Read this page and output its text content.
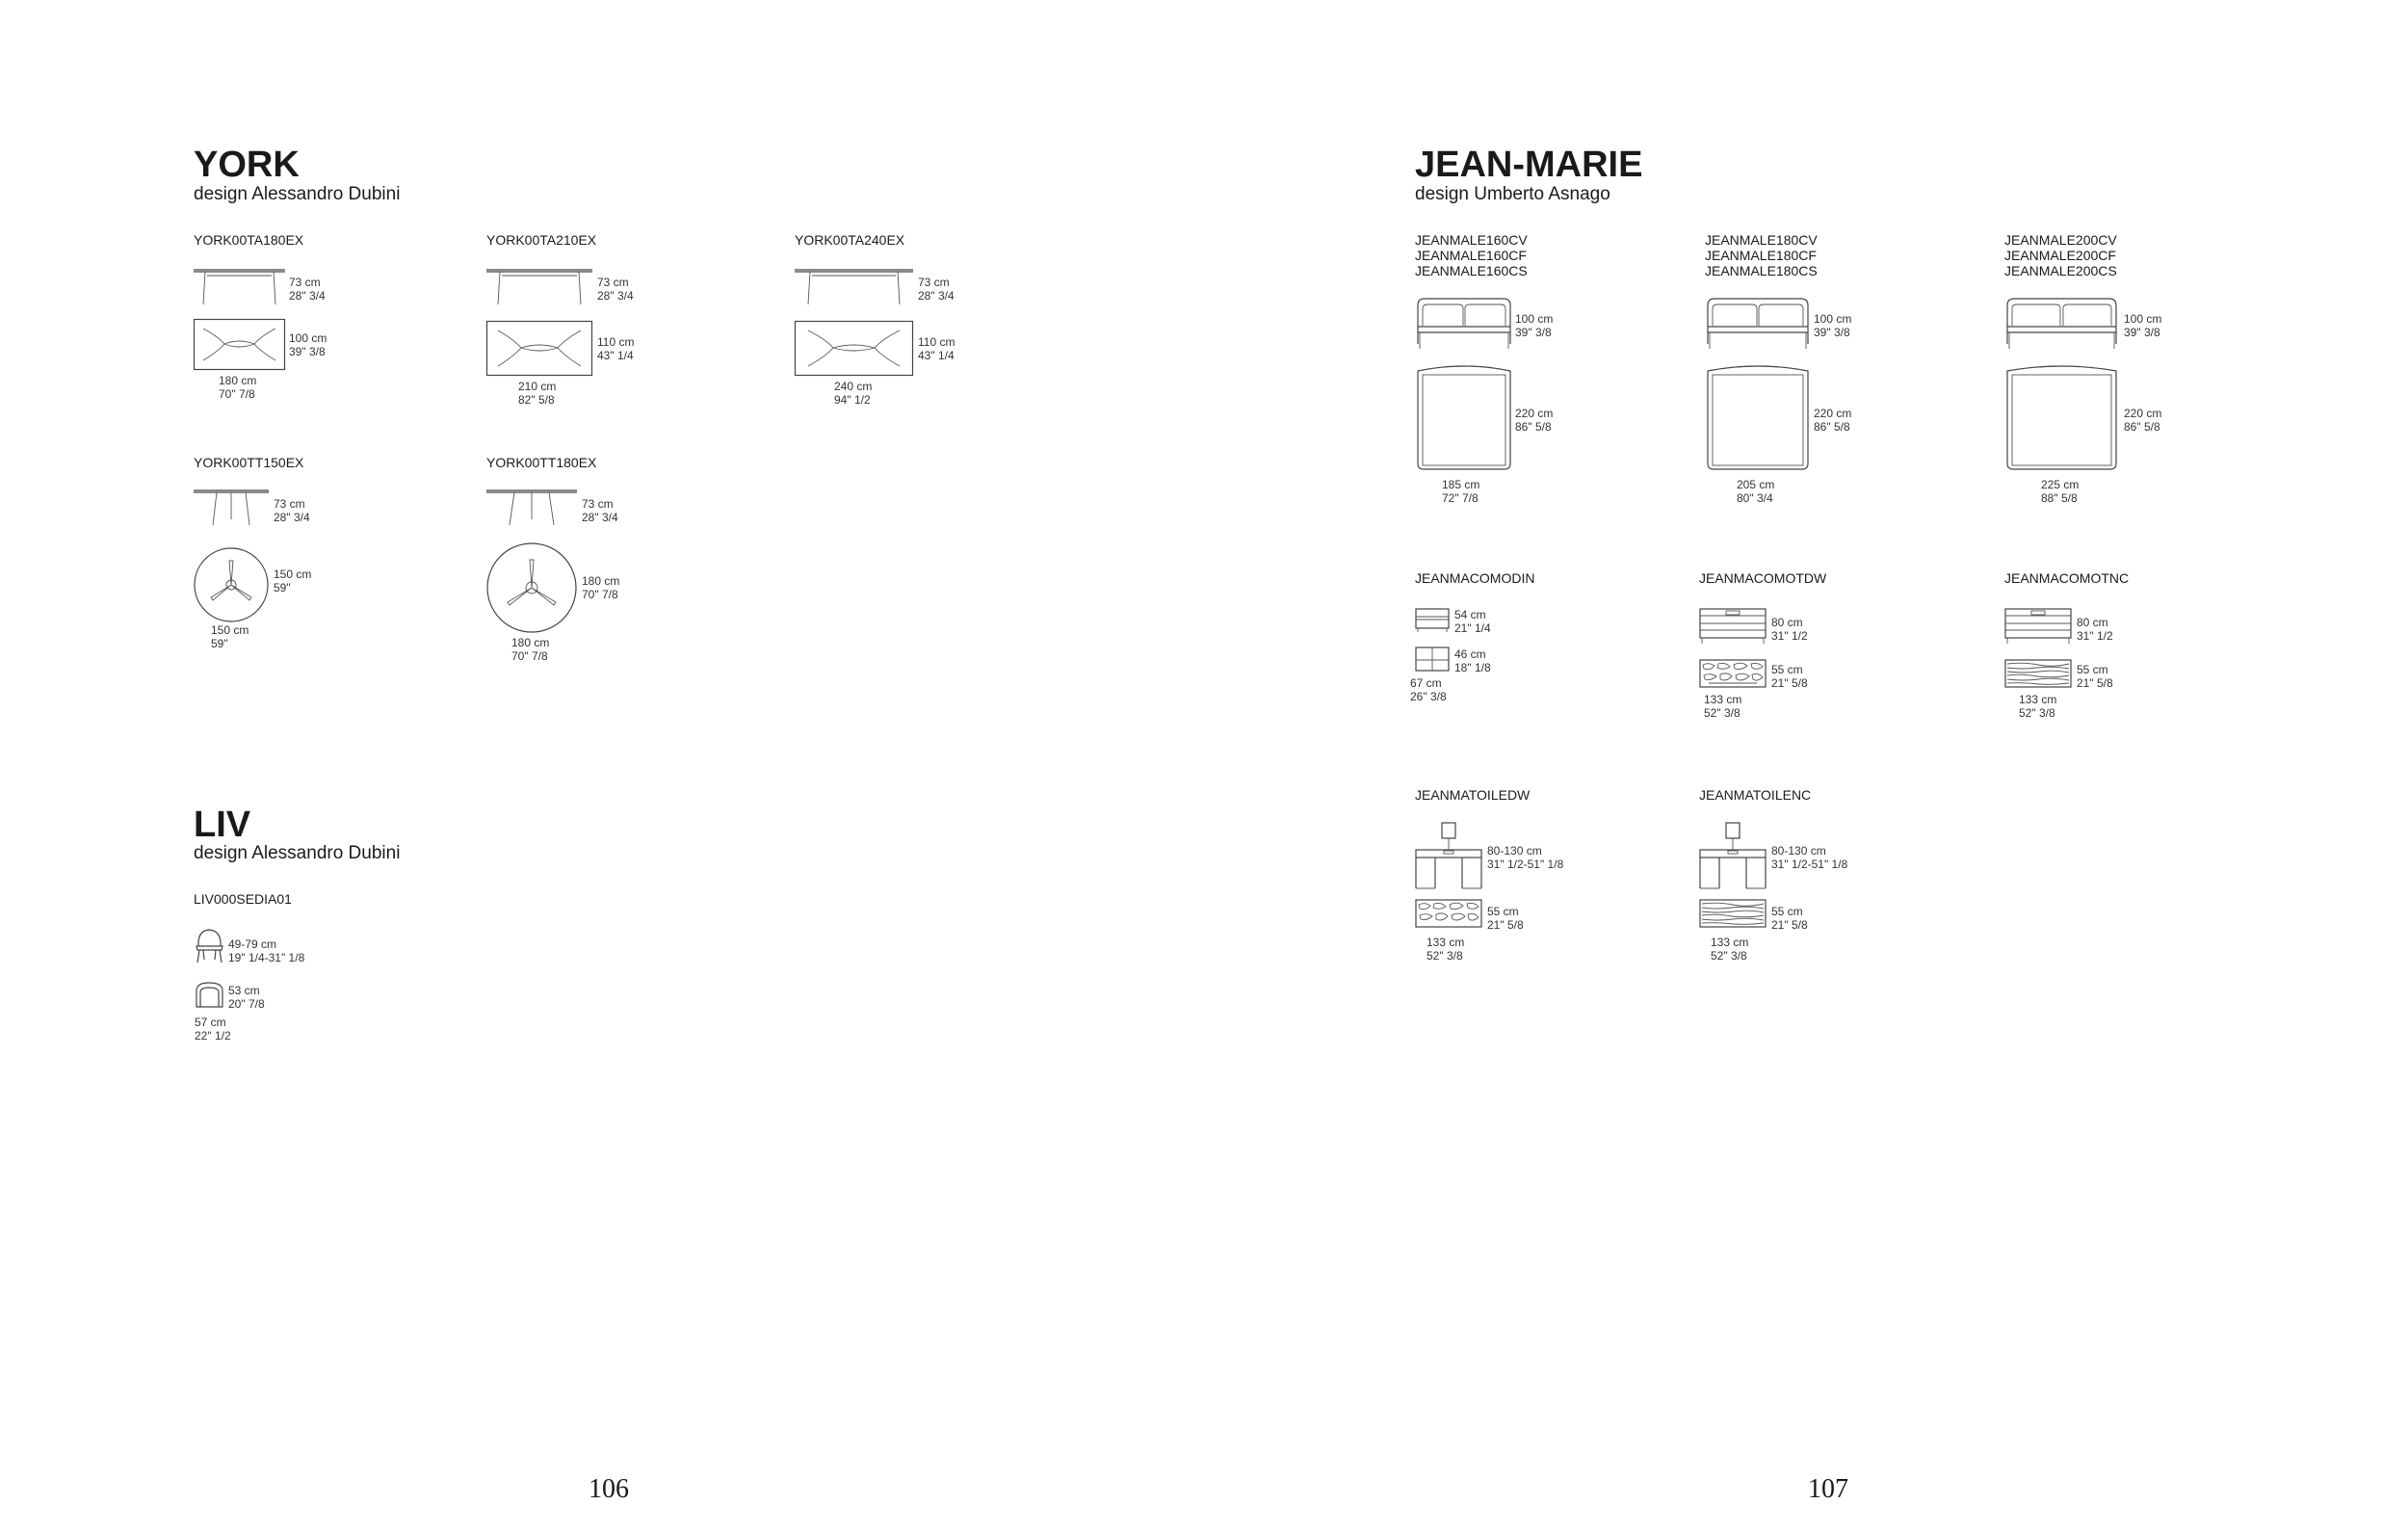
YORK
design Alessandro Dubini
YORK00TA180EX
73 cm
28" 3/4
100 cm
39" 3/8
180 cm
70" 7/8
YORK00TA210EX
73 cm
28" 3/4
110 cm
43" 1/4
210 cm
82" 5/8
YORK00TA240EX
73 cm
28" 3/4
110 cm
43" 1/4
240 cm
94" 1/2
YORK00TT150EX
73 cm
28" 3/4
150 cm
59"
150 cm
59"
YORK00TT180EX
73 cm
28" 3/4
180 cm
70" 7/8
180 cm
70" 7/8
LIV
design Alessandro Dubini
LIV000SEDIA01
49-79 cm
19" 1/4-31" 1/8
53 cm
20" 7/8
57 cm
22" 1/2
106
JEAN-MARIE
design Umberto Asnago
JEANMALE160CV
JEANMALE160CF
JEANMALE160CS
100 cm
39" 3/8
220 cm
86" 5/8
185 cm
72" 7/8
JEANMALE180CV
JEANMALE180CF
JEANMALE180CS
100 cm
39" 3/8
220 cm
86" 5/8
205 cm
80" 3/4
JEANMALE200CV
JEANMALE200CF
JEANMALE200CS
100 cm
39" 3/8
220 cm
86" 5/8
225 cm
88" 5/8
JEANMACOMODIN
54 cm
21" 1/4
46 cm
18" 1/8
67 cm
26" 3/8
JEANMACOMOTDW
80 cm
31" 1/2
55 cm
21" 5/8
133 cm
52" 3/8
JEANMACOMOTNC
80 cm
31" 1/2
55 cm
21" 5/8
133 cm
52" 3/8
JEANMATOILEDW
80-130 cm
31" 1/2-51" 1/8
55 cm
21" 5/8
133 cm
52" 3/8
JEANMATOILENC
80-130 cm
31" 1/2-51" 1/8
55 cm
21" 5/8
133 cm
52" 3/8
107
